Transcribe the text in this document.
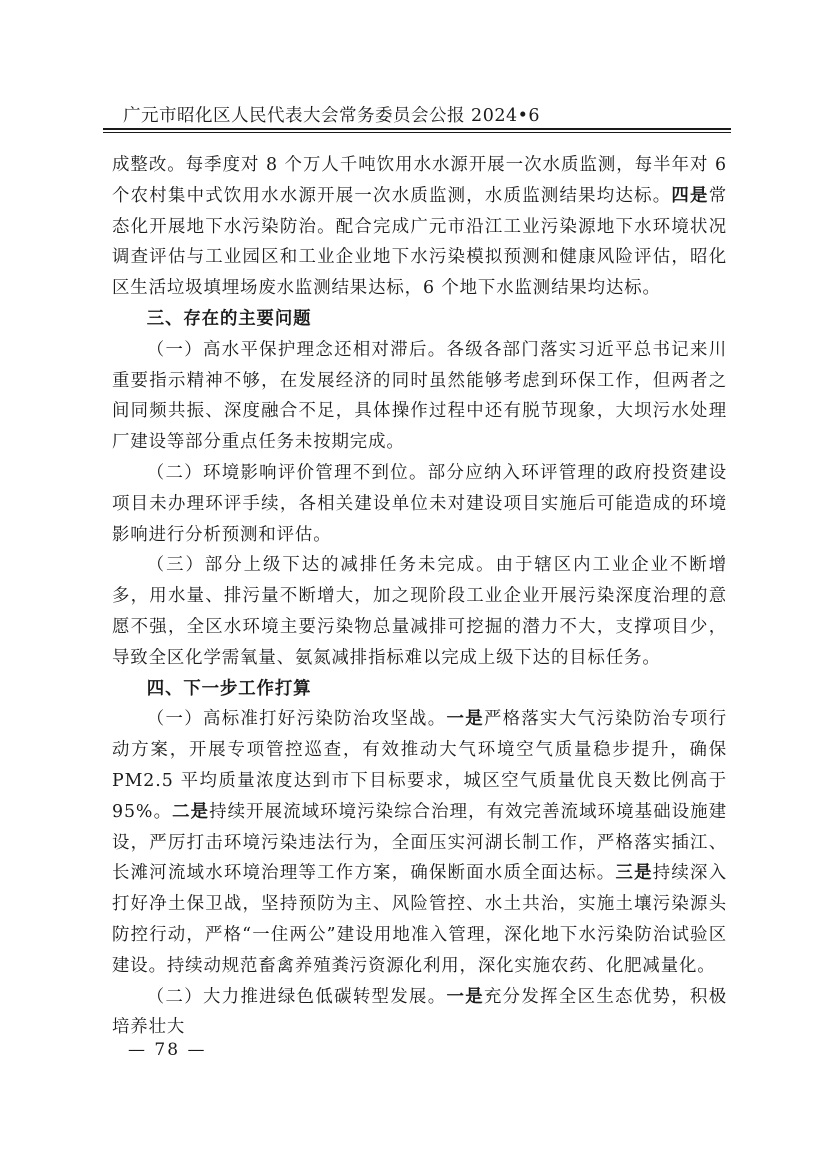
广元市昭化区人民代表大会常务委员会公报 2024•6

成整改。每季度对 8 个万人千吨饮用水水源开展一次水质监测，每半年对 6 个农村集中式饮用水水源开展一次水质监测，水质监测结果均达标。四是常态化开展地下水污染防治。配合完成广元市沿江工业污染源地下水环境状况调查评估与工业园区和工业企业地下水污染模拟预测和健康风险评估，昭化区生活垃圾填埋场废水监测结果达标，6 个地下水监测结果均达标。

三、存在的主要问题

（一）高水平保护理念还相对滞后。各级各部门落实习近平总书记来川重要指示精神不够，在发展经济的同时虽然能够考虑到环保工作，但两者之间同频共振、深度融合不足，具体操作过程中还有脱节现象，大坝污水处理厂建设等部分重点任务未按期完成。

（二）环境影响评价管理不到位。部分应纳入环评管理的政府投资建设项目未办理环评手续，各相关建设单位未对建设项目实施后可能造成的环境影响进行分析预测和评估。

（三）部分上级下达的减排任务未完成。由于辖区内工业企业不断增多，用水量、排污量不断增大，加之现阶段工业企业开展污染深度治理的意愿不强，全区水环境主要污染物总量减排可挖掘的潜力不大，支撑项目少，导致全区化学需氧量、氨氮减排指标难以完成上级下达的目标任务。

四、下一步工作打算

（一）高标准打好污染防治攻坚战。一是严格落实大气污染防治专项行动方案，开展专项管控巡查，有效推动大气环境空气质量稳步提升，确保 PM2.5 平均质量浓度达到市下目标要求，城区空气质量优良天数比例高于 95%。二是持续开展流域环境污染综合治理，有效完善流域环境基础设施建设，严厉打击环境污染违法行为，全面压实河湖长制工作，严格落实插江、长滩河流域水环境治理等工作方案，确保断面水质全面达标。三是持续深入打好净土保卫战，坚持预防为主、风险管控、水土共治，实施土壤污染源头防控行动，严格“一住两公”建设用地准入管理，深化地下水污染防治试验区建设。持续动规范畜禽养殖粪污资源化利用，深化实施农药、化肥减量化。

（二）大力推进绿色低碳转型发展。一是充分发挥全区生态优势，积极培养壮大

— 78 —
